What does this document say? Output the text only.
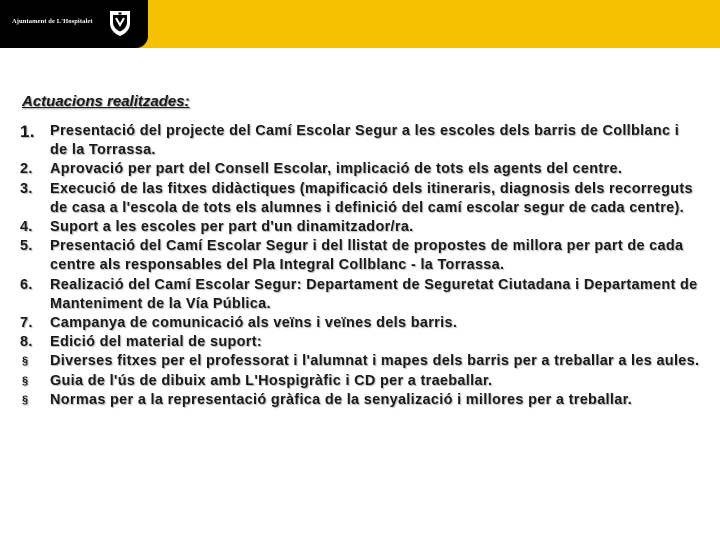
Ajuntament de L'Hospitalet
Actuacions realitzades:
1. Presentació del projecte del Camí Escolar Segur a les escoles dels barris de Collblanc i de la Torrassa.
2. Aprovació per part del Consell Escolar, implicació de tots els agents del centre.
3. Execució de las fitxes didàctiques (mapificació dels itineraris, diagnosis dels recorreguts de casa a l'escola de tots els alumnes i definició del camí escolar segur de cada centre).
4. Suport a les escoles per part d'un dinamitzador/ra.
5. Presentació del Camí Escolar Segur i del llistat de propostes de millora per part de cada centre als responsables del Pla Integral Collblanc - la Torrassa.
6. Realizació del Camí Escolar Segur: Departament de Seguretat Ciutadana i Departament de Manteniment de la Vía Pública.
7. Campanya de comunicació als veïns i veïnes dels barris.
8. Edició del material de suport:
§ Diverses fitxes per el professorat i l'alumnat i mapes dels barris per a treballar a les aules.
§ Guia de l'ús de dibuix amb L'Hospigràfic i CD per a traeballar.
§ Normas per a la representació gràfica de la senyalizació i millores per a treballar.
